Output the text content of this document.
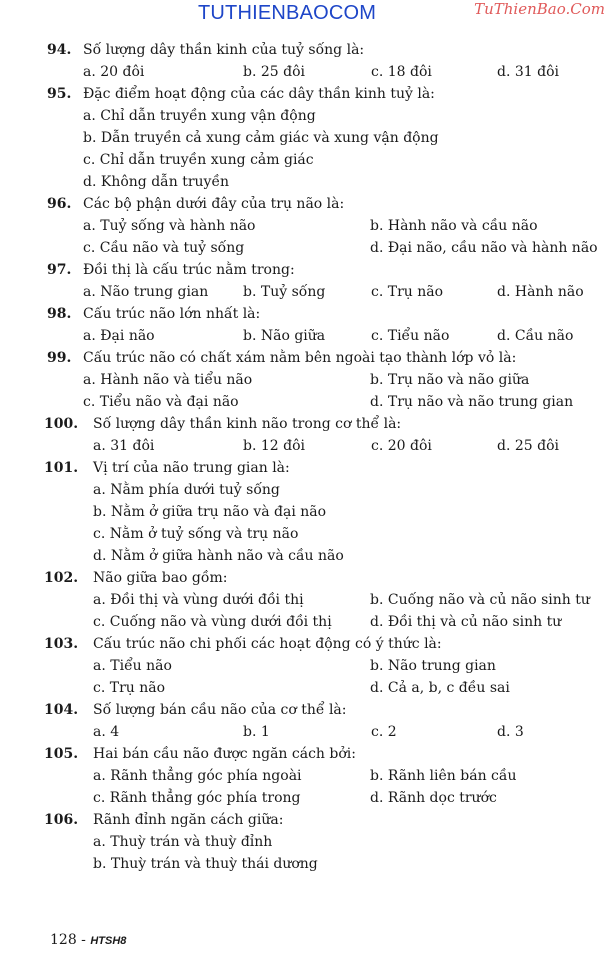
TUTHIENBAOCOM	TuThienBao.Com
94. Số lượng dây thần kinh của tuỷ sống là:
a. 20 đôi	b. 25 đôi	c. 18 đôi	d. 31 đôi
95. Đặc điểm hoạt động của các dây thần kinh tuỷ là:
a. Chỉ dẫn truyền xung vận động
b. Dẫn truyền cả xung cảm giác và xung vận động
c. Chỉ dẫn truyền xung cảm giác
d. Không dẫn truyền
96. Các bộ phận dưới đây của trụ não là:
a. Tuỷ sống và hành não	b. Hành não và cầu não
c. Cầu não và tuỷ sống	d. Đại não, cầu não và hành não
97. Đồi thị là cấu trúc nằm trong:
a. Não trung gian b. Tuỷ sống	c. Trụ não	d. Hành não
98. Cấu trúc não lớn nhất là:
a. Đại não	b. Não giữa	c. Tiểu não	d. Cầu não
99. Cấu trúc não có chất xám nằm bên ngoài tạo thành lớp vỏ là:
a. Hành não và tiểu não	b. Trụ não và não giữa
c. Tiểu não và đại não	d. Trụ não và não trung gian
100. Số lượng dây thần kinh não trong cơ thể là:
a. 31 đôi	b. 12 đôi	c. 20 đôi	d. 25 đôi
101. Vị trí của não trung gian là:
a. Nằm phía dưới tuỷ sống
b. Nằm ở giữa trụ não và đại não
c. Nằm ở tuỷ sống và trụ não
d. Nằm ở giữa hành não và cầu não
102. Não giữa bao gồm:
a. Đồi thị và vùng dưới đồi thị	b. Cuống não và củ não sinh tư
c. Cuống não và vùng dưới đồi thị	d. Đồi thị và củ não sinh tư
103. Cấu trúc não chi phối các hoạt động có ý thức là:
a. Tiểu não	b. Não trung gian
c. Trụ não	d. Cả a, b, c đều sai
104. Số lượng bán cầu não của cơ thể là:
a. 4	b. 1	c. 2	d. 3
105. Hai bán cầu não được ngăn cách bởi:
a. Rãnh thẳng góc phía ngoài	b. Rãnh liên bán cầu
c. Rãnh thẳng góc phía trong	d. Rãnh dọc trước
106. Rãnh đỉnh ngăn cách giữa:
a. Thuỳ trán và thuỳ đỉnh
b. Thuỳ trán và thuỳ thái dương
128 - HTSH8
